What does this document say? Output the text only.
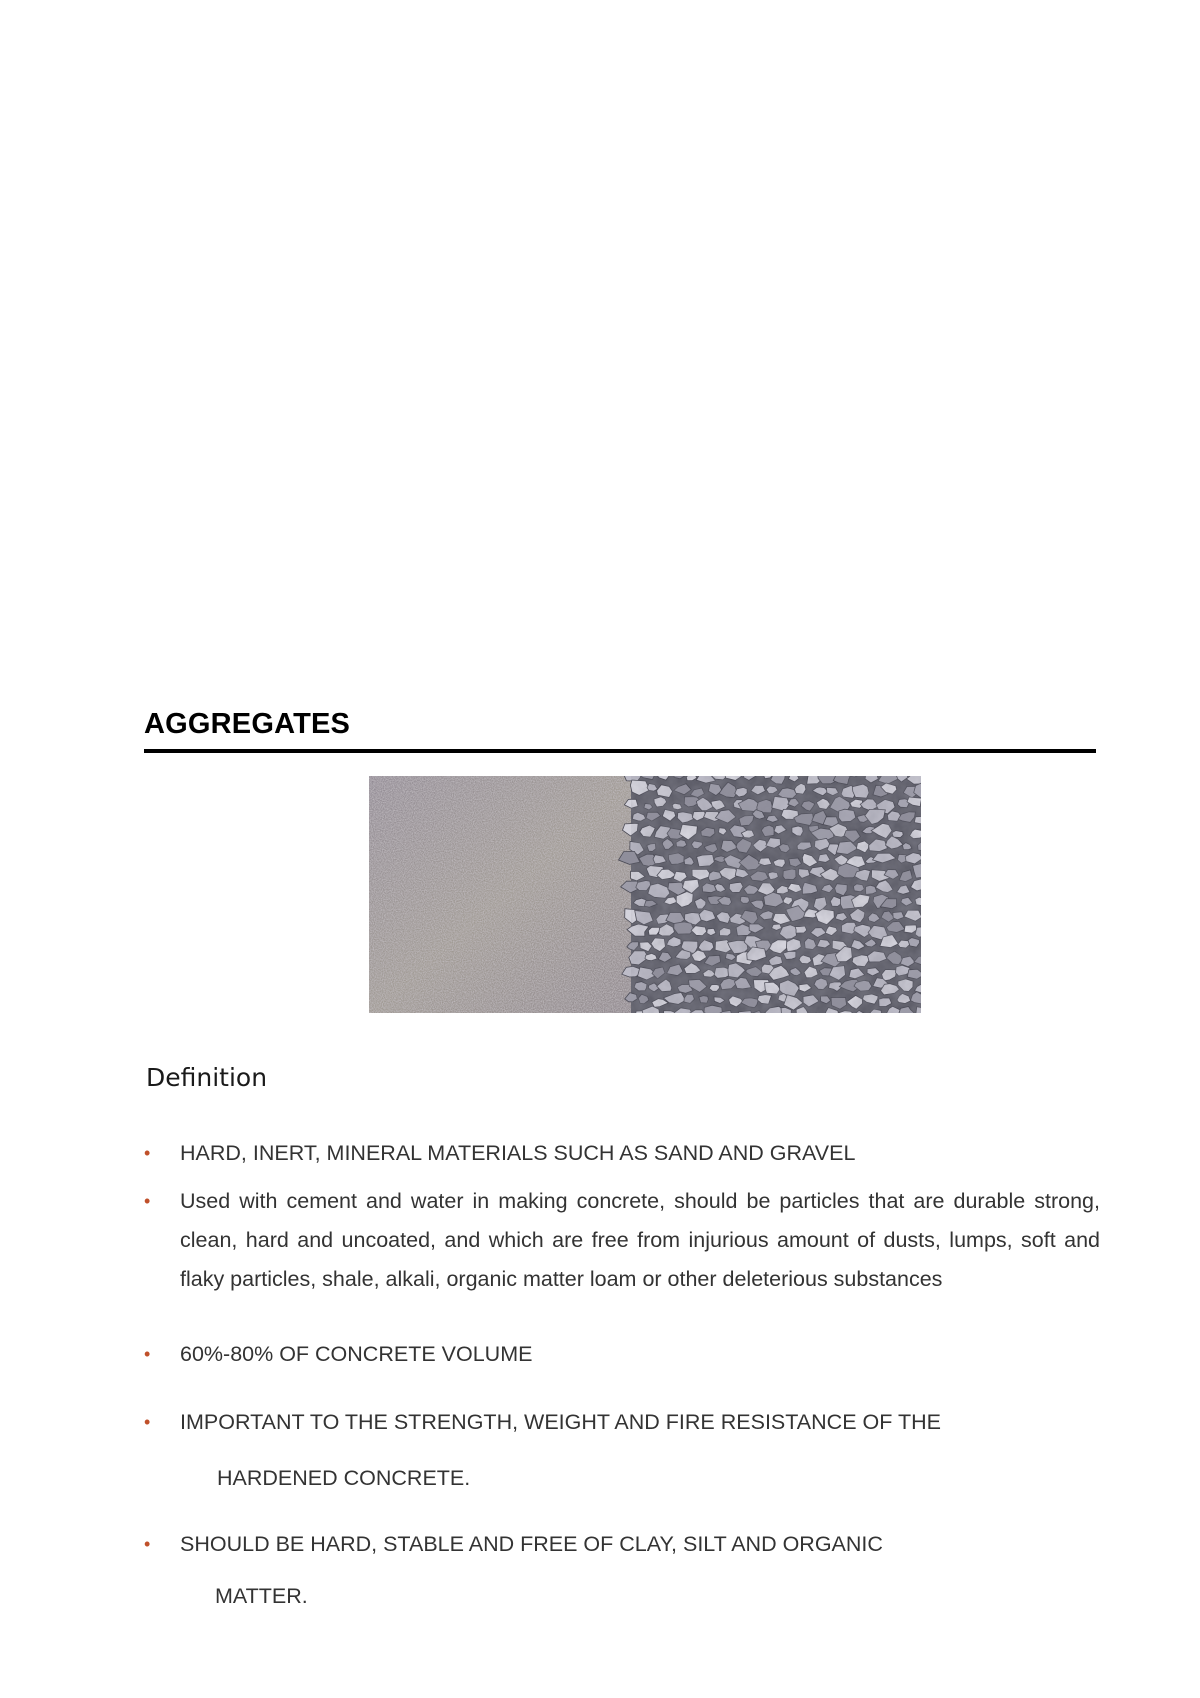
AGGREGATES
Definition
• HARD, INERT, MINERAL MATERIALS SUCH AS SAND AND GRAVEL
• Used with cement and water in making concrete, should be particles that are durable strong, clean, hard and uncoated, and which are free from injurious amount of dusts, lumps, soft and flaky particles, shale, alkali, organic matter loam or other deleterious substances
• 60%-80% OF CONCRETE VOLUME
• IMPORTANT TO THE STRENGTH, WEIGHT AND FIRE RESISTANCE OF THE
HARDENED CONCRETE.
• SHOULD BE HARD, STABLE AND FREE OF CLAY, SILT AND ORGANIC
MATTER.
